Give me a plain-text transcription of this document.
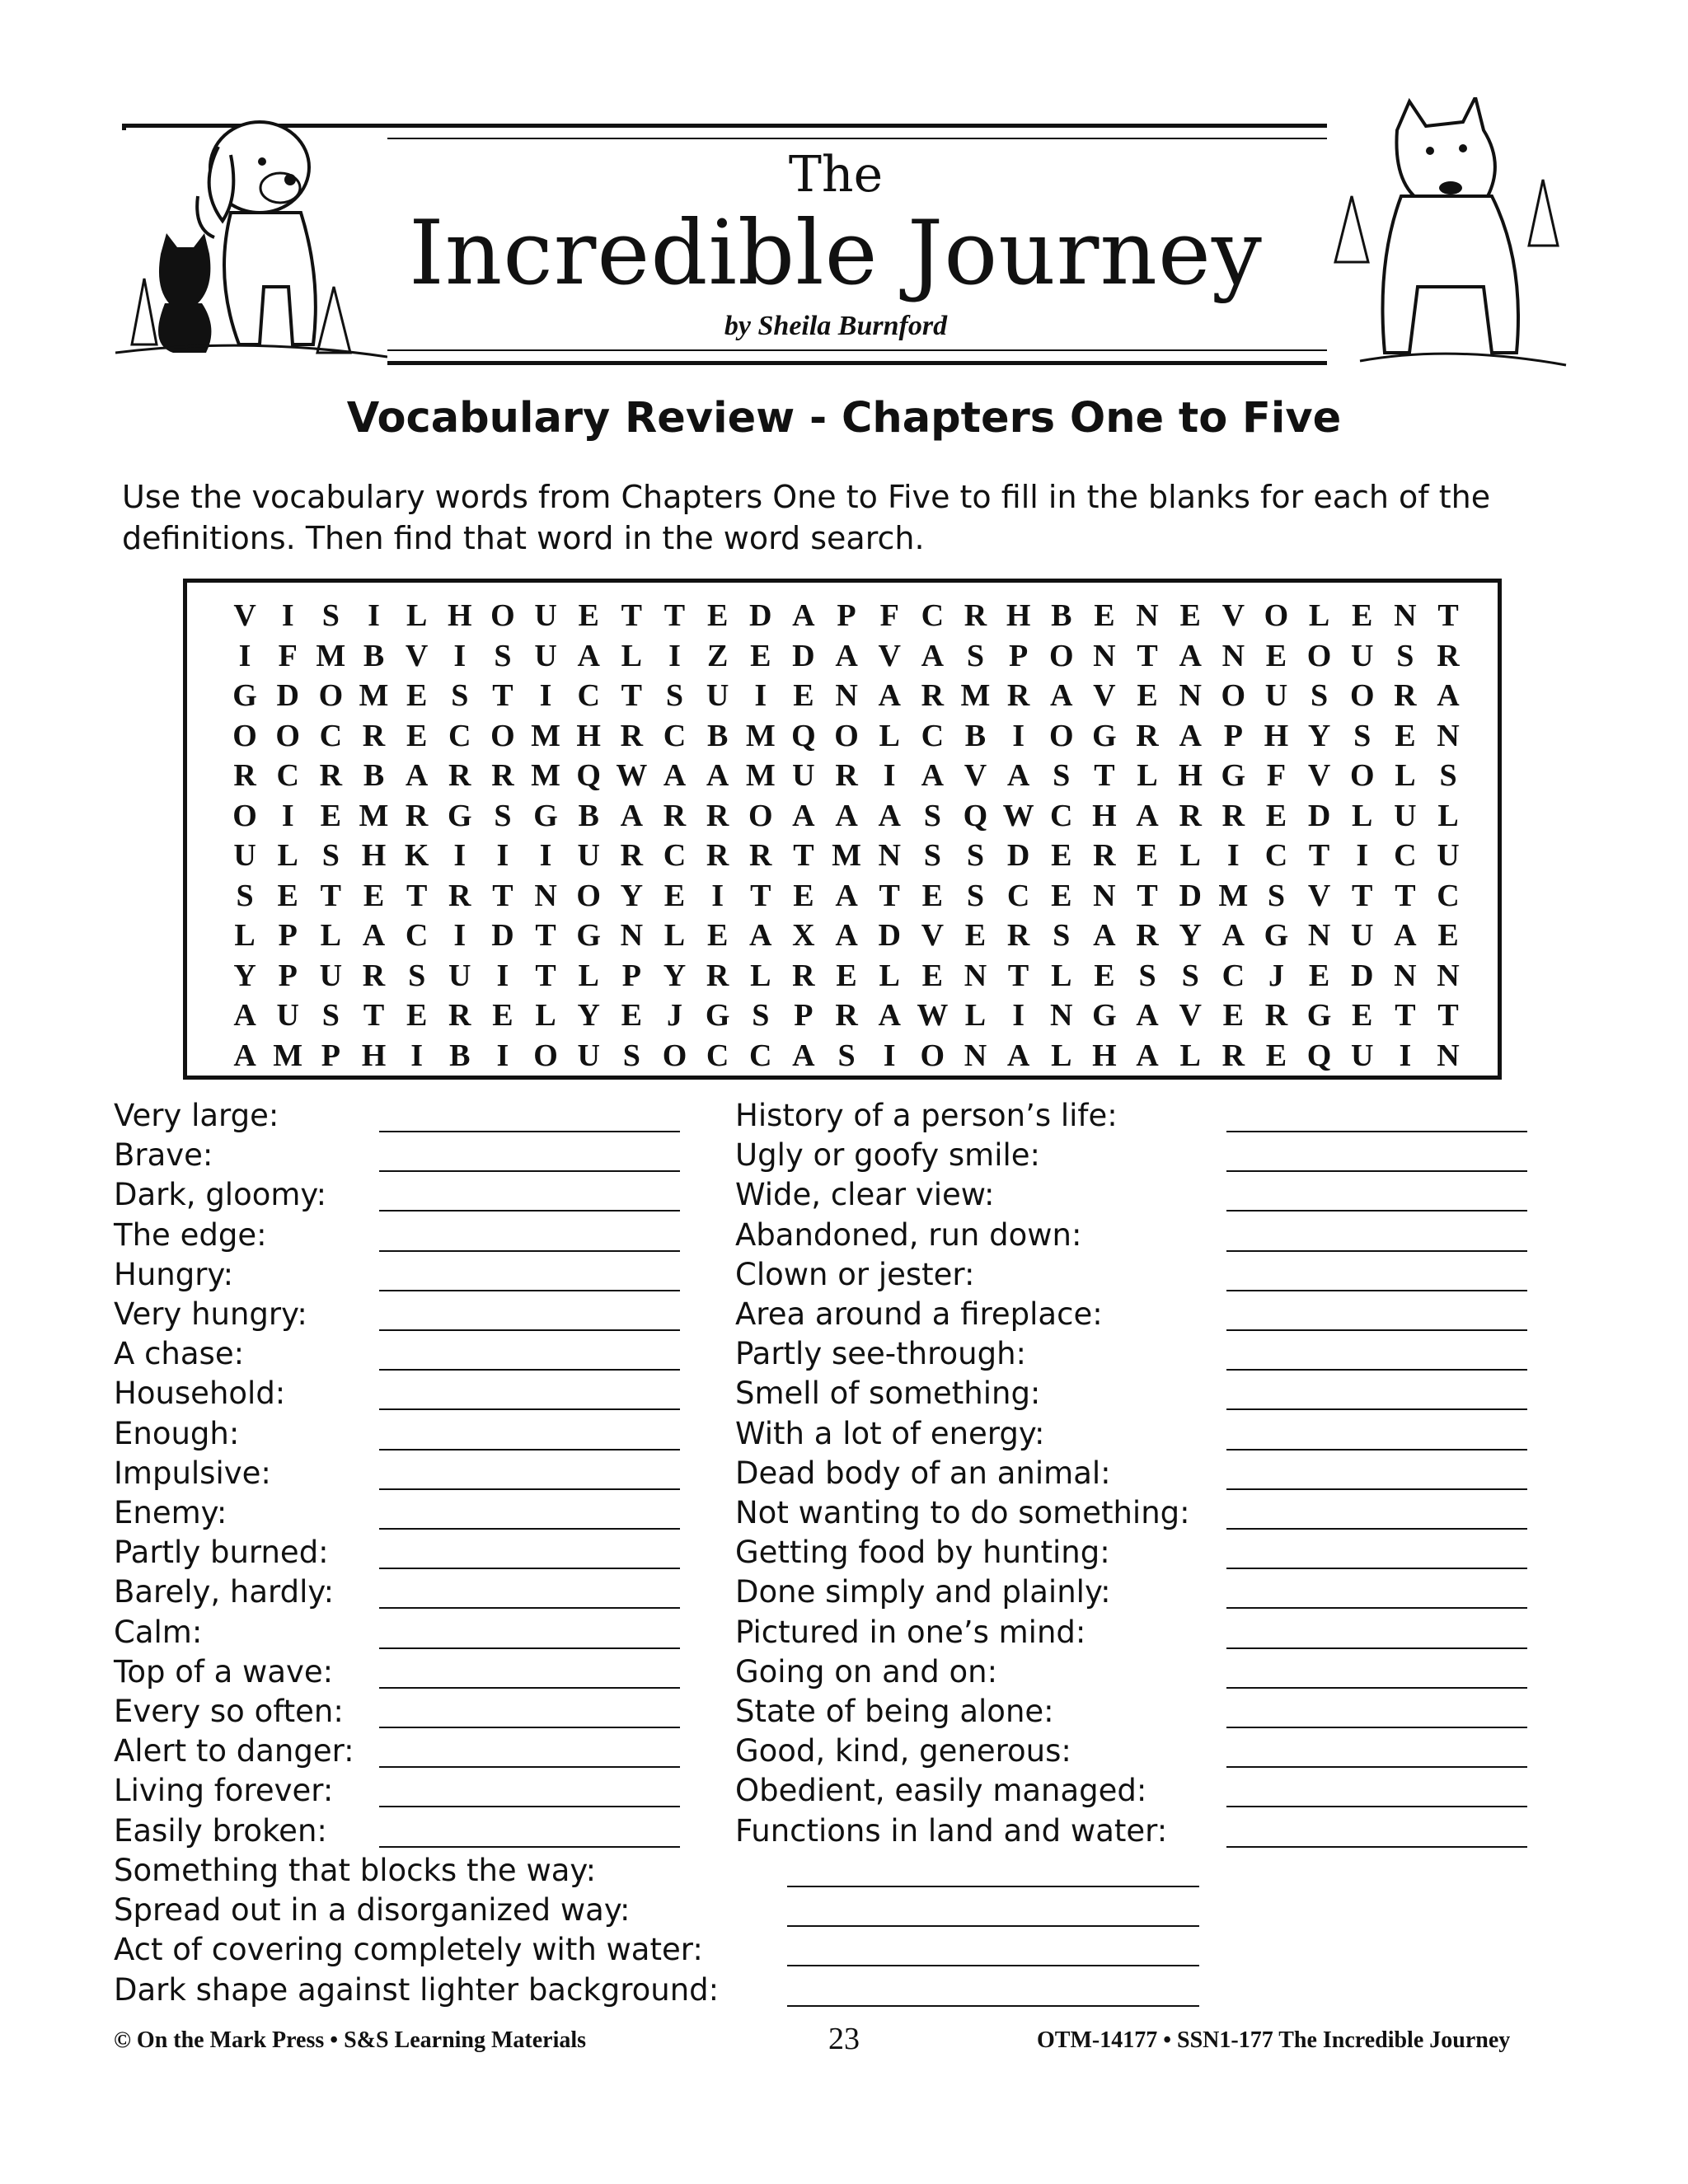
The
Incredible Journey
by Sheila Burnford
Vocabulary Review - Chapters One to Five
Use the vocabulary words from Chapters One to Five to fill in the blanks for each of the definitions. Then find that word in the word search.
V I S I L H O U E T T E D A P F C R H B E N E V O L E N T
I F M B V I S U A L I Z E D A V A S P O N T A N E O U S R
G D O M E S T I C T S U I E N A R M R A V E N O U S O R A
O O C R E C O M H R C B M Q O L C B I O G R A P H Y S E N
R C R B A R R M Q W A A M U R I A V A S T L H G F V O L S
O I E M R G S G B A R R O A A A S Q W C H A R R E D L U L
U L S H K I I I U R C R R T M N S S D E R E L I C T I C U
S E T E T R T N O Y E I T E A T E S C E N T D M S V T T C
L P L A C I D T G N L E A X A D V E R S A R Y A G N U A E
Y P U R S U I T L P Y R L R E L E N T L E S S C J E D N N
A U S T E R E L Y E J G S P R A W L I N G A V E R G E T T
A M P H I B I O U S O C C A S I O N A L H A L R E Q U I N
Very large:
Brave:
Dark, gloomy:
The edge:
Hungry:
Very hungry:
A chase:
Household:
Enough:
Impulsive:
Enemy:
Partly burned:
Barely, hardly:
Calm:
Top of a wave:
Every so often:
Alert to danger:
Living forever:
Easily broken:
History of a person’s life:
Ugly or goofy smile:
Wide, clear view:
Abandoned, run down:
Clown or jester:
Area around a fireplace:
Partly see-through:
Smell of something:
With a lot of energy:
Dead body of an animal:
Not wanting to do something:
Getting food by hunting:
Done simply and plainly:
Pictured in one’s mind:
Going on and on:
State of being alone:
Good, kind, generous:
Obedient, easily managed:
Functions in land and water:
Something that blocks the way:
Spread out in a disorganized way:
Act of covering completely with water:
Dark shape against lighter background:
© On the Mark Press • S&S Learning Materials	23	OTM-14177 • SSN1-177 The Incredible Journey
